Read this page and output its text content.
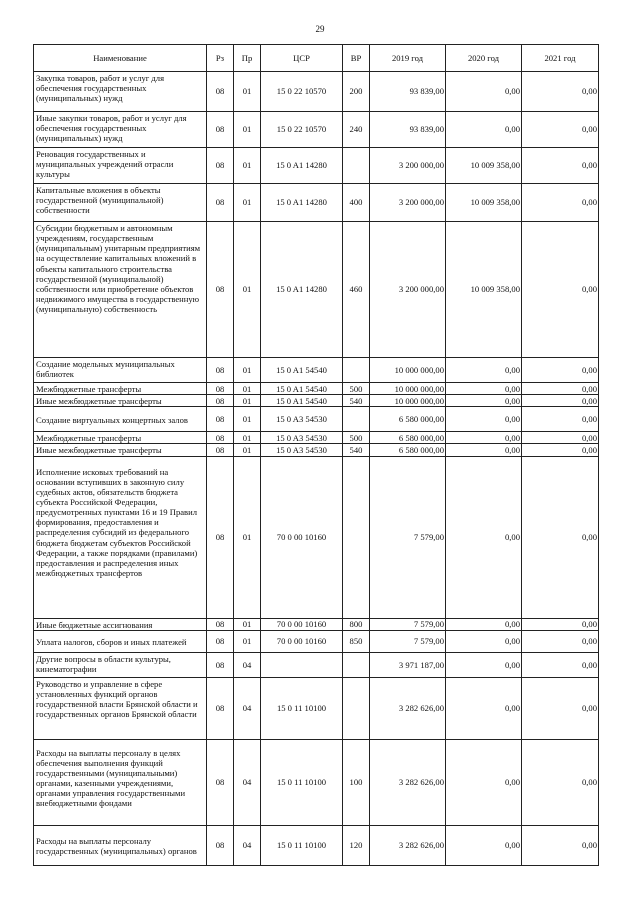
29
Наименование	Рз	Пр	ЦСР	ВР	2019 год	2020 год	2021 год
Закупка товаров, работ и услуг для обеспечения государственных (муниципальных) нужд	08	01	15 0 22 10570	200	93 839,00	0,00	0,00
Иные закупки товаров, работ и услуг для обеспечения государственных (муниципальных) нужд	08	01	15 0 22 10570	240	93 839,00	0,00	0,00
Реновация государственных и муниципальных учреждений отрасли культуры	08	01	15 0 A1 14280		3 200 000,00	10 009 358,00	0,00
Капитальные вложения в объекты государственной (муниципальной) собственности	08	01	15 0 A1 14280	400	3 200 000,00	10 009 358,00	0,00
Субсидии бюджетным и автономным учреждениям, государственным (муниципальным) унитарным предприятиям на осуществление капитальных вложений в объекты капитального строительства государственной (муниципальной) собственности или приобретение объектов недвижимого имущества в государственную (муниципальную) собственность	08	01	15 0 A1 14280	460	3 200 000,00	10 009 358,00	0,00
Создание модельных муниципальных библиотек	08	01	15 0 A1 54540		10 000 000,00	0,00	0,00
Межбюджетные трансферты	08	01	15 0 A1 54540	500	10 000 000,00	0,00	0,00
Иные межбюджетные трансферты	08	01	15 0 A1 54540	540	10 000 000,00	0,00	0,00
Создание виртуальных концертных залов	08	01	15 0 A3 54530		6 580 000,00	0,00	0,00
Межбюджетные трансферты	08	01	15 0 A3 54530	500	6 580 000,00	0,00	0,00
Иные межбюджетные трансферты	08	01	15 0 A3 54530	540	6 580 000,00	0,00	0,00
Исполнение исковых требований на основании вступивших в законную силу судебных актов, обязательств бюджета субъекта Российской Федерации, предусмотренных пунктами 16 и 19 Правил формирования, предоставления и распределения субсидий из федерального бюджета бюджетам субъектов Российской Федерации, а также порядками (правилами) предоставления и распределения иных межбюджетных трансфертов	08	01	70 0 00 10160		7 579,00	0,00	0,00
Иные бюджетные ассигнования	08	01	70 0 00 10160	800	7 579,00	0,00	0,00
Уплата налогов, сборов и иных платежей	08	01	70 0 00 10160	850	7 579,00	0,00	0,00
Другие вопросы в области культуры, кинематографии	08	04			3 971 187,00	0,00	0,00
Руководство и управление в сфере установленных функций органов государственной власти Брянской области и государственных органов Брянской области	08	04	15 0 11 10100		3 282 626,00	0,00	0,00
Расходы на выплаты персоналу в целях обеспечения выполнения функций государственными (муниципальными) органами, казенными учреждениями, органами управления государственными внебюджетными фондами	08	04	15 0 11 10100	100	3 282 626,00	0,00	0,00
Расходы на выплаты персоналу государственных (муниципальных) органов	08	04	15 0 11 10100	120	3 282 626,00	0,00	0,00
